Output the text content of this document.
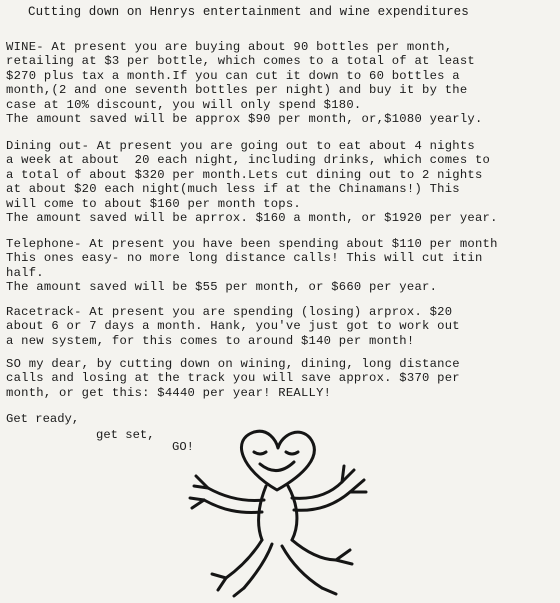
Cutting down on Henrys entertainment and wine expenditures
WINE- At present you are buying about 90 bottles per month,
retailing at $3 per bottle, which comes to a total of at least
$270 plus tax a month.If you can cut it down to 60 bottles a
month,(2 and one seventh bottles per night) and buy it by the
case at 10% discount, you will only spend $180.
The amount saved will be approx $90 per month, or,$1080 yearly.
Dining out- At present you are going out to eat about 4 nights
a week at about  20 each night, including drinks, which comes to
a total of about $320 per month.Lets cut dining out to 2 nights
at about $20 each night(much less if at the Chinamans!) This
will come to about $160 per month tops.
The amount saved will be aprrox. $160 a month, or $1920 per year.
Telephone- At present you have been spending about $110 per month
This ones easy- no more long distance calls! This will cut itin
half.
The amount saved will be $55 per month, or $660 per year.
Racetrack- At present you are spending (losing) arprox. $20
about 6 or 7 days a month. Hank, you've just got to work out
a new system, for this comes to around $140 per month!
SO my dear, by cutting down on wining, dining, long distance
calls and losing at the track you will save approx. $370 per
month, or get this: $4440 per year! REALLY!
Get ready,
get set,
GO!
